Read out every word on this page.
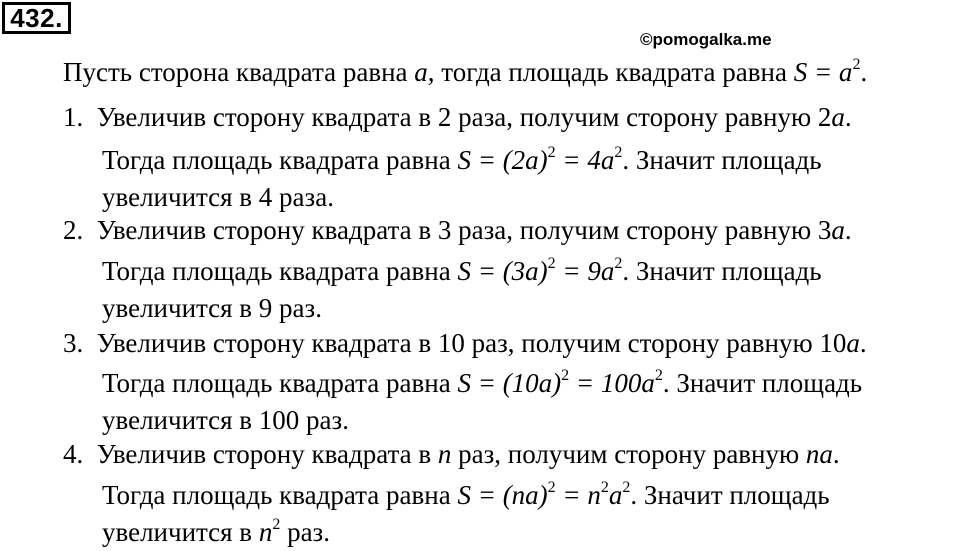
432.
©pomogalka.me
Пусть сторона квадрата равна a, тогда площадь квадрата равна $S = a^2$.
1. Увеличив сторону квадрата в 2 раза, получим сторону равную 2a.
Тогда площадь квадрата равна $S = (2a)^2 = 4a^2$. Значит площадь
увеличится в 4 раза.
2. Увеличив сторону квадрата в 3 раза, получим сторону равную 3a.
Тогда площадь квадрата равна $S = (3a)^2 = 9a^2$. Значит площадь
увеличится в 9 раз.
3. Увеличив сторону квадрата в 10 раз, получим сторону равную 10a.
Тогда площадь квадрата равна $S = (10a)^2 = 100a^2$. Значит площадь
увеличится в 100 раз.
4. Увеличив сторону квадрата в n раз, получим сторону равную na.
Тогда площадь квадрата равна $S = (na)^2 = n^2a^2$. Значит площадь
увеличится в $n^2$ раз.
